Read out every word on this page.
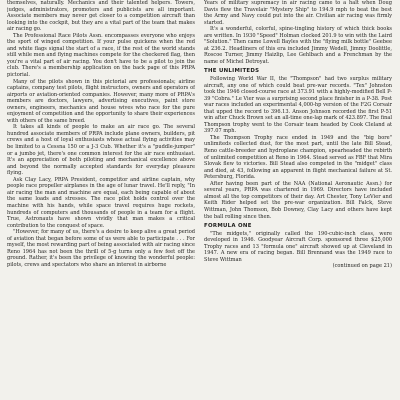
themselves, naturally. Mechanics and their talented helpers. Towers, judges, administrators, promoters and publicists are all important. Associate members may never get closer to a competition aircraft than looking into the cockpit, but they are a vital part of the team that makes air racing go.

The Professional Race Pilots Assn. encompasses everyone who enjoys the sport of winged competition. If your pulse quickens when the red and white flags signal the start of a race, if the rest of the world stands still while men and flying machines compete for the checkered flag, then you're a vital part of air racing. You don't have to be a pilot to join the club. There's a membership application on the back page of this PRPA pictorial.

Many of the pilots shown in this pictorial are professionals; airline captains, company test pilots, flight instructors, owners and operators of airports or aviation-oriented companies. However, many more of PRPA's members are doctors, lawyers, advertising executives, paint store owners, engineers, mechanics and house wives who race for the pure enjoyment of competition and the opportunity to share their experiences with others of the same breed.

It takes all kinds of people to make an air race go. The several hundred associate members of PRPA include plane owners, builders, pit crews and a host of loyal enthusiasts whose actual flying activities may be limited to a Cessna 150 or a J-3 Cub. Whether it's a "puddle-jumper" or a jumbo jet, there's one common interest for the air race enthusiast. It's an appreciation of both piloting and mechanical excellence above and beyond the normally accepted standards for everyday pleasure flying.

Ask Clay Lacy, PRPA President, competitor and airline captain, why people race propeller airplanes in the age of lunar travel. He'll reply, "In air racing the man and machine are equal, each being capable of about the same loads and stresses. The race pilot holds control over the machine with his hands, while space travel requires huge rockets, hundreds of computers and thousands of people in a team for a flight. True, Astronauts have shown vividly that man makes a critical contribution to the conquest of space.

"However, for many of us, there's a desire to keep alive a great period of aviation that began before some of us were able to participate . . . For myself, the most rewarding part of being associated with air racing since Reno 1964 has not been the thrill of 5-g turns only a few feet off the ground. Rather, it's been the privilege of knowing the wonderful people: pilots, crews and spectators who share an interest in airborne

Years of military supremacy in air racing came to a halt when Doug Davis flew the Travelair "Mystery Ship" to 194.9 mph to beat the best the Army and Navy could put into the air. Civilian air racing was firmly started.

It's a wonderful, colorful, spine-tingling history of which thick books are written. In 1930 "Speed" Holman clocked 201.9 to win with the Laird "Solution." Then came Lowell Bayles with the "flying milk bottle" Geebee at 236.2. Headliners of this era included Jimmy Wedell, Jimmy Doolittle, Roscoe Turner, Jimmy Haizlip, Lee Gehlbach and a Frenchman by the name of Michel Detroyat.

THE UNLIMITEDS

Following World War II, the "Thompson" had two surplus military aircraft, any one of which could beat pre-war records. "Tex" Johnston took the 1946 closed-course race at 373.91 with a highly-modified Bell P-39 "Cobra." Le Vier was a surprising second place finisher in a P-38. Post war races included an experimental 4,000-hp version of the F2G Corsair that upped the record to 396.13. Anson Johnson recorded the first P-51 win after Chuck Brown set an all-time one-lap mark of 423.897. The final Thompson trophy went to the Corsair team headed by Cook Cleland at 397.07 mph.

The Thompson Trophy race ended in 1949 and the "big bore" unlimiteds collected dust, for the most part, until the late Bill Stead, Reno cattle-breeder and hydroplane champion, spearheaded the rebirth of unlimited competition at Reno in 1964. Stead served as FBF that Mira Slovak flew to victories. Bill Stead also competed in the "midget" class and died, at 43, following an apparent in flight mechanical failure at St. Petersburg, Florida.

After having been part of the NAA (National Aeronautic Assn.) for several years, PRPA was chartered in 1969. Directors have included almost all the top competitors of their day. Art Chester, Tony LeVier and Keith Rider helped set the pre-war organization. Bill Falck, Steve Wittman, John Thomson, Bob Downey, Clay Lacy and others have kept the ball rolling since then.

FORMULA ONE

"The midgets," originally called the 190-cubic-inch class, were developed in 1946. Goodyear Aircraft Corp. sponsored three $25,000 Trophy races and 13 "formula one" aircraft showed up at Cleveland in 1947. A new era of racing began. Bill Brennand was the 1949 race to Steve Wittman

(continued on page 21)
